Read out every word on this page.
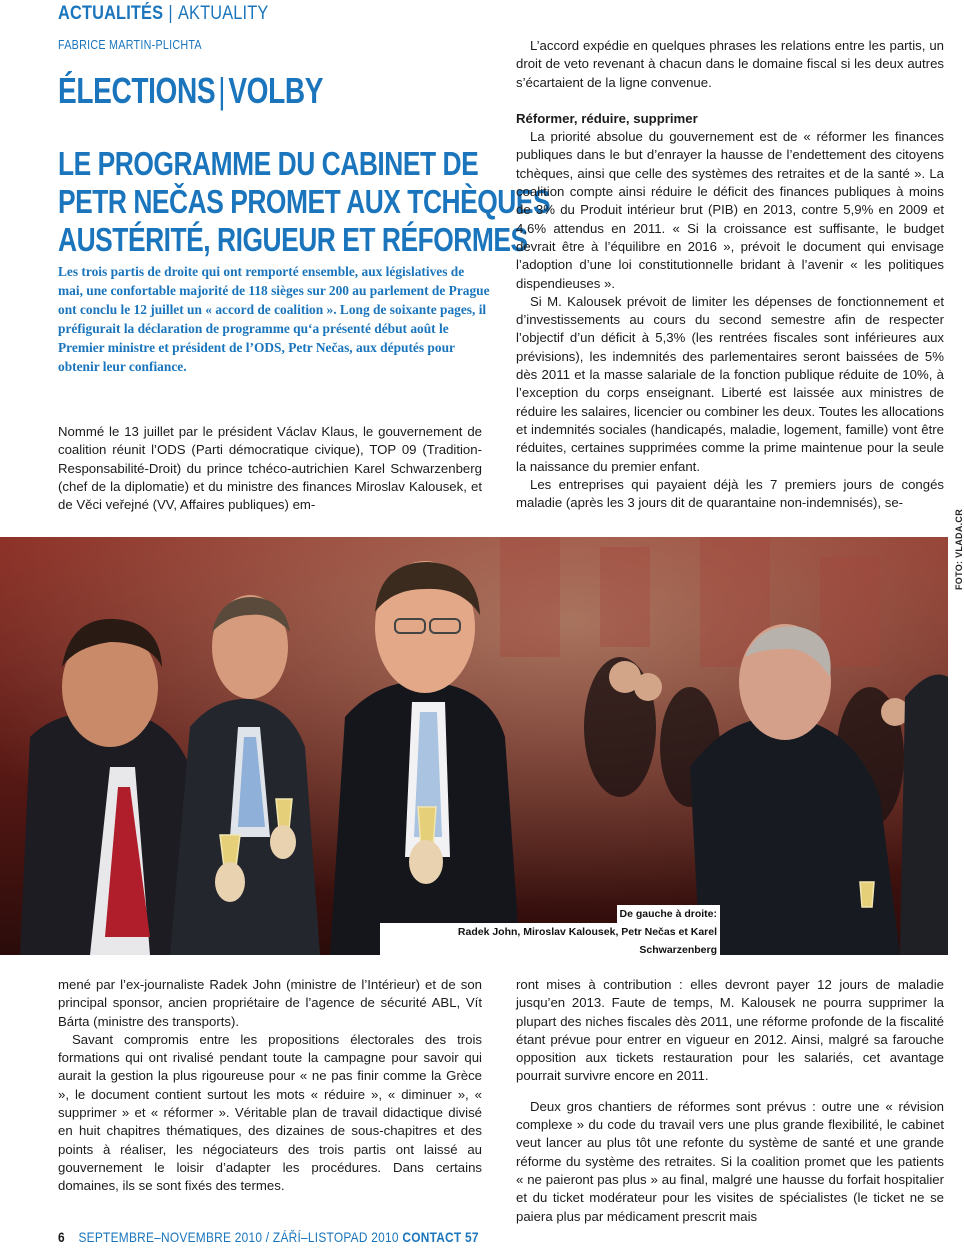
ACTUALITÉS | AKTUALITY
FABRICE MARTIN-PLICHTA
ÉLECTIONS|VOLBY
LE PROGRAMME DU CABINET DE
PETR NEČAS PROMET AUX TCHÈQUES
AUSTÉRITÉ, RIGUEUR ET RÉFORMES
Les trois partis de droite qui ont remporté ensemble, aux législatives de mai, une confortable majorité de 118 sièges sur 200 au parlement de Prague ont conclu le 12 juillet un « accord de coalition ». Long de soixante pages, il préfigurait la déclaration de programme qu‘a présenté début août le Premier ministre et président de l’ODS, Petr Nečas, aux députés pour obtenir leur confiance.

Nommé le 13 juillet par le président Václav Klaus, le gouvernement de coalition réunit l’ODS (Parti démocratique civique), TOP 09 (Tradition-Responsabilité-Droit) du prince tchéco-autrichien Karel Schwarzenberg (chef de la diplomatie) et du ministre des finances Miroslav Kalousek, et de Věci veřejné (VV, Affaires publiques) em-

L’accord expédie en quelques phrases les relations entre les partis, un droit de veto revenant à chacun dans le domaine fiscal si les deux autres s’écartaient de la ligne convenue.

Réformer, réduire, supprimer

La priorité absolue du gouvernement est de « réformer les finances publiques dans le but d’enrayer la hausse de l’endettement des citoyens tchèques, ainsi que celle des systèmes des retraites et de la santé ». La coalition compte ainsi réduire le déficit des finances publiques à moins de 3% du Produit intérieur brut (PIB) en 2013, contre 5,9% en 2009 et 4,6% attendus en 2011. « Si la croissance est suffisante, le budget devrait être à l’équilibre en 2016 », prévoit le document qui envisage l’adoption d’une loi constitutionnelle bridant à l’avenir « les politiques dispendieuses ».

Si M. Kalousek prévoit de limiter les dépenses de fonctionnement et d’investissements au cours du second semestre afin de respecter l’objectif d’un déficit à 5,3% (les rentrées fiscales sont inférieures aux prévisions), les indemnités des parlementaires seront baissées de 5% dès 2011 et la masse salariale de la fonction publique réduite de 10%, à l’exception du corps enseignant. Liberté est laissée aux ministres de réduire les salaires, licencier ou combiner les deux. Toutes les allocations et indemnités sociales (handicapés, maladie, logement, famille) vont être réduites, certaines supprimées comme la prime maintenue pour la seule la naissance du premier enfant.

Les entreprises qui payaient déjà les 7 premiers jours de congés maladie (après les 3 jours dit de quarantaine non-indemnisés), se-

FOTO: VLADA.CR
De gauche à droite:
Radek John, Miroslav Kalousek, Petr Nečas et Karel Schwarzenberg

mené par l’ex-journaliste Radek John (ministre de l’Intérieur) et de son principal sponsor, ancien propriétaire de l’agence de sécurité ABL, Vít Bárta (ministre des transports).

Savant compromis entre les propositions électorales des trois formations qui ont rivalisé pendant toute la campagne pour savoir qui aurait la gestion la plus rigoureuse pour « ne pas finir comme la Grèce », le document contient surtout les mots « réduire », « diminuer », « supprimer » et « réformer ». Véritable plan de travail didactique divisé en huit chapitres thématiques, des dizaines de sous-chapitres et des points à réaliser, les négociateurs des trois partis ont laissé au gouvernement le loisir d’adapter les procédures. Dans certains domaines, ils se sont fixés des termes.

ront mises à contribution : elles devront payer 12 jours de maladie jusqu’en 2013. Faute de temps, M. Kalousek ne pourra supprimer la plupart des niches fiscales dès 2011, une réforme profonde de la fiscalité étant prévue pour entrer en vigueur en 2012. Ainsi, malgré sa farouche opposition aux tickets restauration pour les salariés, cet avantage pourrait survivre encore en 2011.

Deux gros chantiers de réformes sont prévus : outre une « révision complexe » du code du travail vers une plus grande flexibilité, le cabinet veut lancer au plus tôt une refonte du système de santé et une grande réforme du système des retraites. Si la coalition promet que les patients « ne paieront pas plus » au final, malgré une hausse du forfait hospitalier et du ticket modérateur pour les visites de spécialistes (le ticket ne se paiera plus par médicament prescrit mais

6 SEPTEMBRE–NOVEMBRE 2010 / ZÁŘÍ–LISTOPAD 2010 CONTACT 57
